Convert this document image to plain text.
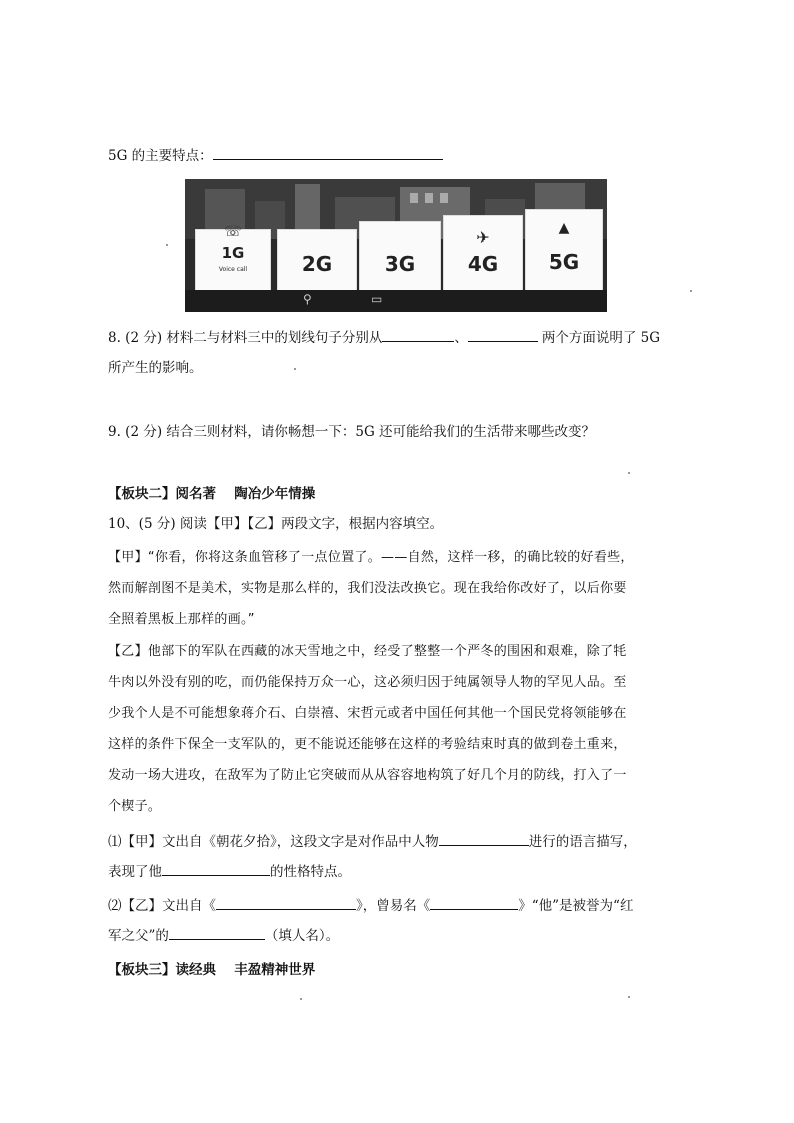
5G 的主要特点：
☏
1G
Voice call	2G	3G
✈
4G
▲
5G
⚲	▭
8. (2 分) 材料二与材料三中的划线句子分别从	、	两个方面说明了 5G
所产生的影响。
9. (2 分) 结合三则材料，请你畅想一下：5G 还可能给我们的生活带来哪些改变？
【板块二】阅名著　 陶冶少年情操
10、(5 分) 阅读【甲】【乙】两段文字，根据内容填空。
【甲】“你看，你将这条血管移了一点位置了。——自然，这样一移，的确比较的好看些，
然而解剖图不是美术，实物是那么样的，我们没法改换它。现在我给你改好了，以后你要
全照着黑板上那样的画。”
【乙】他部下的军队在西藏的冰天雪地之中，经受了整整一个严冬的围困和艰难，除了牦
牛肉以外没有别的吃，而仍能保持万众一心，这必须归因于纯属领导人物的罕见人品。至
少我个人是不可能想象蒋介石、白崇禧、宋哲元或者中国任何其他一个国民党将领能够在
这样的条件下保全一支军队的，更不能说还能够在这样的考验结束时真的做到卷土重来，
发动一场大进攻，在敌军为了防止它突破而从从容容地构筑了好几个月的防线，打入了一
个楔子。
⑴【甲】文出自《朝花夕拾》，这段文字是对作品中人物	进行的语言描写，
表现了他	的性格特点。
⑵【乙】文出自《	》，曾易名《	》“他”是被誉为“红
军之父”的	（填人名）。
【板块三】读经典　 丰盈精神世界
